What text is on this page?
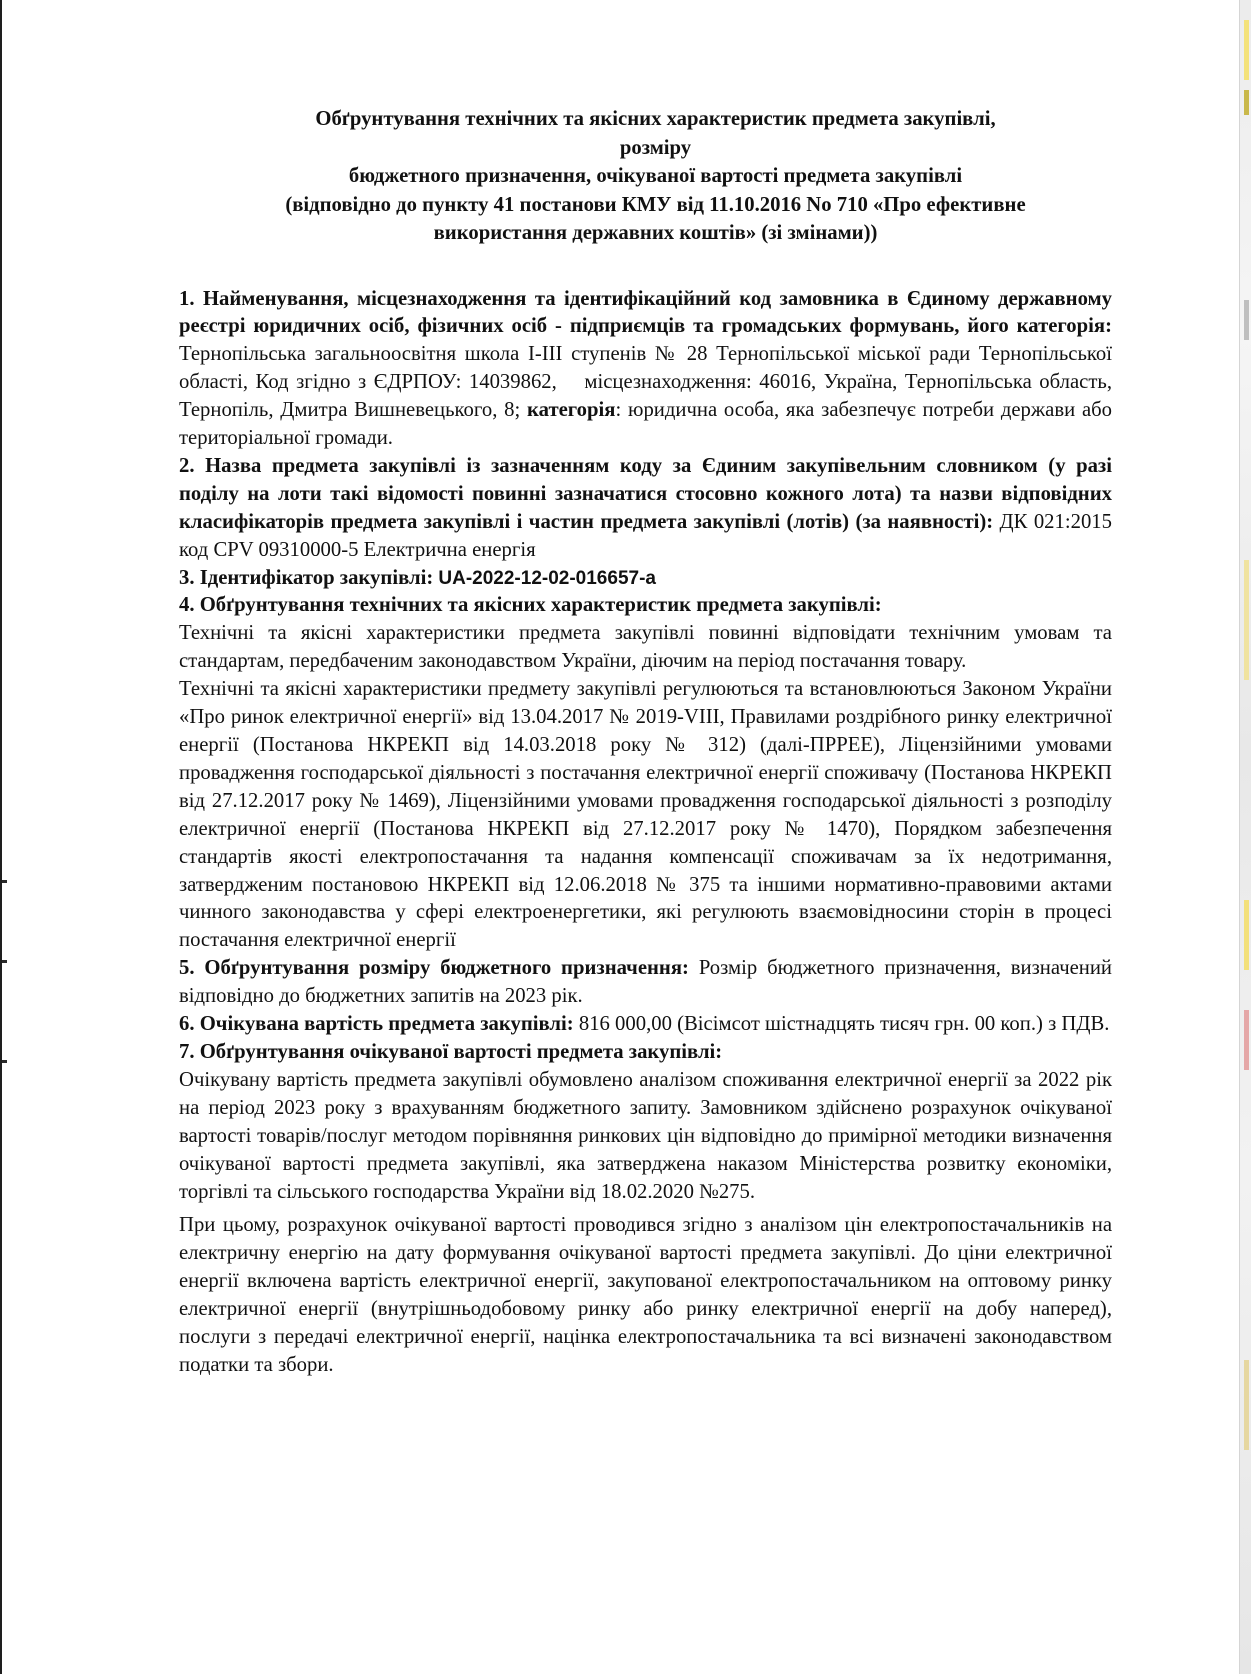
Обґрунтування технічних та якісних характеристик предмета закупівлі,
розміру
бюджетного призначення, очікуваної вартості предмета закупівлі
(відповідно до пункту 41 постанови КМУ від 11.10.2016 No 710 «Про ефективне
використання державних коштів» (зі змінами))
1. Найменування, місцезнаходження та ідентифікаційний код замовника в Єдиному державному реєстрі юридичних осіб, фізичних осіб - підприємців та громадських формувань, його категорія: Тернопільська загальноосвітня школа І-ІІІ ступенів № 28 Тернопільської міської ради Тернопільської області, Код згідно з ЄДРПОУ: 14039862, місцезнаходження: 46016, Україна, Тернопільська область, Тернопіль, Дмитра Вишневецького, 8; категорія: юридична особа, яка забезпечує потреби держави або територіальної громади.
2. Назва предмета закупівлі із зазначенням коду за Єдиним закупівельним словником (у разі поділу на лоти такі відомості повинні зазначатися стосовно кожного лота) та назви відповідних класифікаторів предмета закупівлі і частин предмета закупівлі (лотів) (за наявності): ДК 021:2015 код CPV 09310000-5 Електрична енергія
3. Ідентифікатор закупівлі: UA-2022-12-02-016657-a
4. Обґрунтування технічних та якісних характеристик предмета закупівлі:
Технічні та якісні характеристики предмета закупівлі повинні відповідати технічним умовам та стандартам, передбаченим законодавством України, діючим на період постачання товару.
Технічні та якісні характеристики предмету закупівлі регулюються та встановлюються Законом України «Про ринок електричної енергії» від 13.04.2017 № 2019-VIII, Правилами роздрібного ринку електричної енергії (Постанова НКРЕКП від 14.03.2018 року № 312) (далі-ПРРЕЕ), Ліцензійними умовами провадження господарської діяльності з постачання електричної енергії споживачу (Постанова НКРЕКП від 27.12.2017 року № 1469), Ліцензійними умовами провадження господарської діяльності з розподілу електричної енергії (Постанова НКРЕКП від 27.12.2017 року № 1470), Порядком забезпечення стандартів якості електропостачання та надання компенсації споживачам за їх недотримання, затвердженим постановою НКРЕКП від 12.06.2018 № 375 та іншими нормативно-правовими актами чинного законодавства у сфері електроенергетики, які регулюють взаємовідносини сторін в процесі постачання електричної енергії
5. Обґрунтування розміру бюджетного призначення: Розмір бюджетного призначення, визначений відповідно до бюджетних запитів на 2023 рік.
6. Очікувана вартість предмета закупівлі: 816 000,00 (Вісімсот шістнадцять тисяч грн. 00 коп.) з ПДВ.
7. Обґрунтування очікуваної вартості предмета закупівлі:
Очікувану вартість предмета закупівлі обумовлено аналізом споживання електричної енергії за 2022 рік на період 2023 року з врахуванням бюджетного запиту. Замовником здійснено розрахунок очікуваної вартості товарів/послуг методом порівняння ринкових цін відповідно до примірної методики визначення очікуваної вартості предмета закупівлі, яка затверджена наказом Міністерства розвитку економіки, торгівлі та сільського господарства України від 18.02.2020 №275.
При цьому, розрахунок очікуваної вартості проводився згідно з аналізом цін електропостачальників на електричну енергію на дату формування очікуваної вартості предмета закупівлі. До ціни електричної енергії включена вартість електричної енергії, закупованої електропостачальником на оптовому ринку електричної енергії (внутрішньодобовому ринку або ринку електричної енергії на добу наперед), послуги з передачі електричної енергії, націнка електропостачальника та всі визначені законодавством податки та збори.
